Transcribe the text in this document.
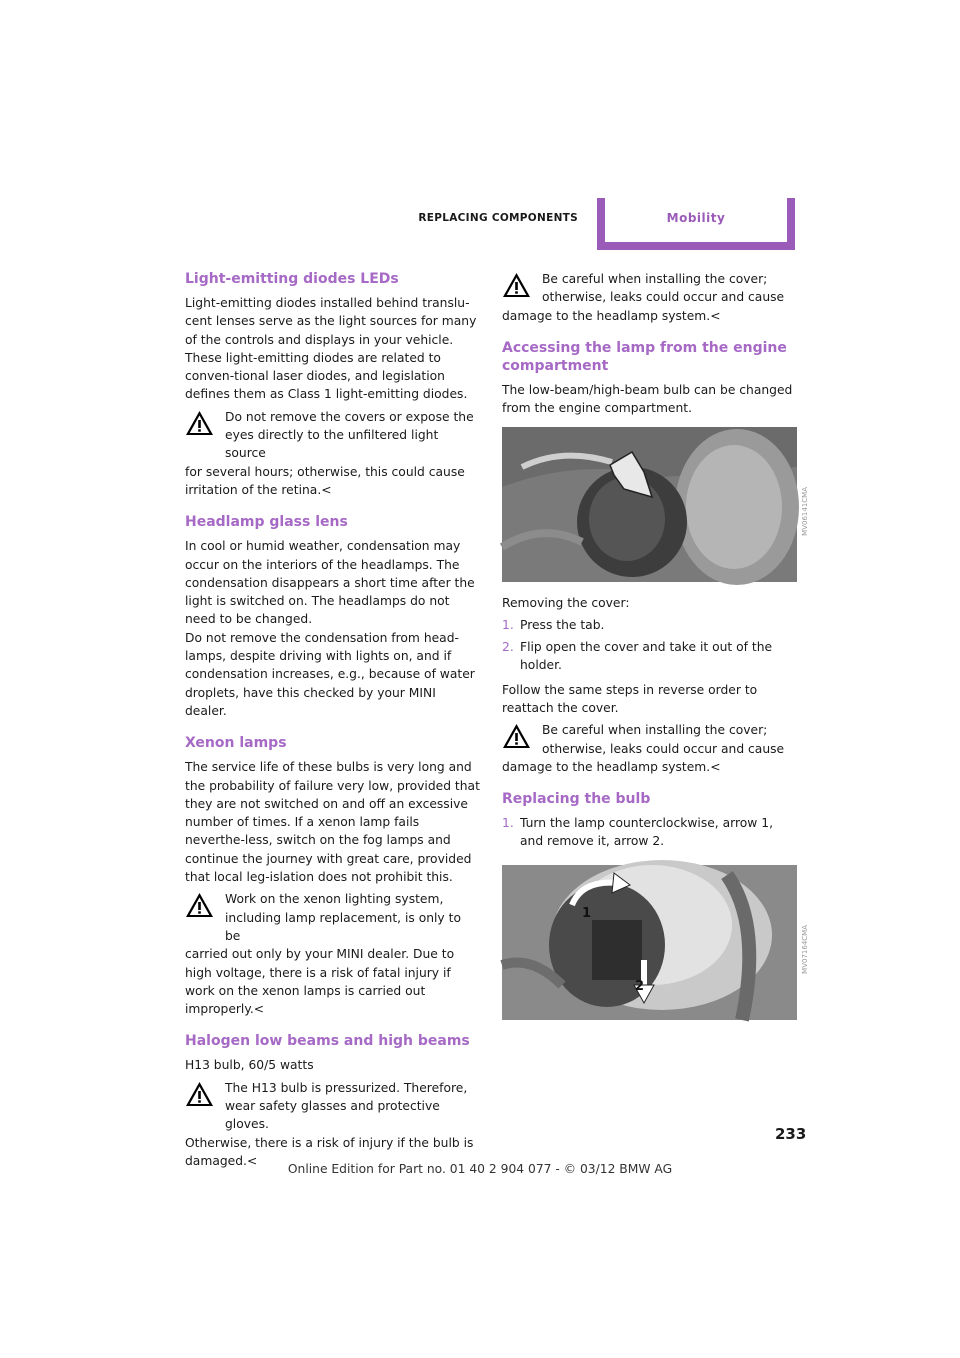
REPLACING COMPONENTS	Mobility
Light-emitting diodes LEDs

Light-emitting diodes installed behind translu-cent lenses serve as the light sources for many of the controls and displays in your vehicle. These light-emitting diodes are related to conven-tional laser diodes, and legislation defines them as Class 1 light-emitting diodes.

Do not remove the covers or expose the eyes directly to the unfiltered light source

for several hours; otherwise, this could cause irritation of the retina.<

Headlamp glass lens

In cool or humid weather, condensation may occur on the interiors of the headlamps. The condensation disappears a short time after the light is switched on. The headlamps do not need to be changed.

Do not remove the condensation from head-lamps, despite driving with lights on, and if condensation increases, e.g., because of water droplets, have this checked by your MINI dealer.

Xenon lamps

The service life of these bulbs is very long and the probability of failure very low, provided that they are not switched on and off an excessive number of times. If a xenon lamp fails neverthe-less, switch on the fog lamps and continue the journey with great care, provided that local leg-islation does not prohibit this.

Work on the xenon lighting system, including lamp replacement, is only to be

carried out only by your MINI dealer. Due to high voltage, there is a risk of fatal injury if work on the xenon lamps is carried out improperly.<

Halogen low beams and high beams

H13 bulb, 60/5 watts

The H13 bulb is pressurized. Therefore, wear safety glasses and protective gloves.

Otherwise, there is a risk of injury if the bulb is damaged.<

Be careful when installing the cover; otherwise, leaks could occur and cause

damage to the headlamp system.<

Accessing the lamp from the engine compartment

The low-beam/high-beam bulb can be changed from the engine compartment.

MV06141CMA

Removing the cover:

1. Press the tab.
2. Flip open the cover and take it out of the holder.

Follow the same steps in reverse order to reattach the cover.

Be careful when installing the cover; otherwise, leaks could occur and cause

damage to the headlamp system.<

Replacing the bulb
1. Turn the lamp counterclockwise, arrow 1, and remove it, arrow 2.
1
2
MV07164CMA
233
Online Edition for Part no. 01 40 2 904 077 - © 03/12 BMW AG
